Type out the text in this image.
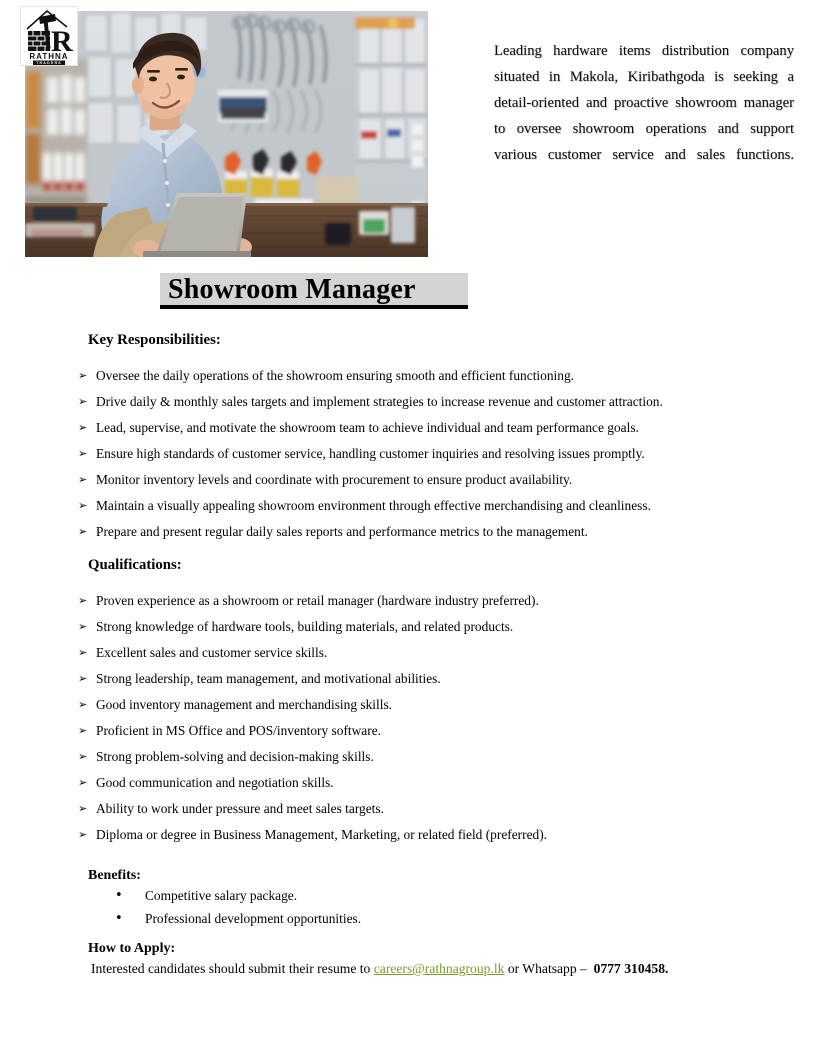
R
RATHNA
TRADERS
Leading hardware items distribution company situated in Makola, Kiribathgoda is seeking a detail-oriented and proactive showroom manager to oversee showroom operations and support various customer service and sales functions.
Showroom Manager
Key Responsibilities:
➢ Oversee the daily operations of the showroom ensuring smooth and efficient functioning.
➢ Drive daily & monthly sales targets and implement strategies to increase revenue and customer attraction.
➢ Lead, supervise, and motivate the showroom team to achieve individual and team performance goals.
➢ Ensure high standards of customer service, handling customer inquiries and resolving issues promptly.
➢ Monitor inventory levels and coordinate with procurement to ensure product availability.
➢ Maintain a visually appealing showroom environment through effective merchandising and cleanliness.
➢ Prepare and present regular daily sales reports and performance metrics to the management.
Qualifications:
➢ Proven experience as a showroom or retail manager (hardware industry preferred).
➢ Strong knowledge of hardware tools, building materials, and related products.
➢ Excellent sales and customer service skills.
➢ Strong leadership, team management, and motivational abilities.
➢ Good inventory management and merchandising skills.
➢ Proficient in MS Office and POS/inventory software.
➢ Strong problem-solving and decision-making skills.
➢ Good communication and negotiation skills.
➢ Ability to work under pressure and meet sales targets.
➢ Diploma or degree in Business Management, Marketing, or related field (preferred).
Benefits:
• Competitive salary package.
• Professional development opportunities.
How to Apply:
Interested candidates should submit their resume to careers@rathnagroup.lk or Whatsapp –  0777 310458.
